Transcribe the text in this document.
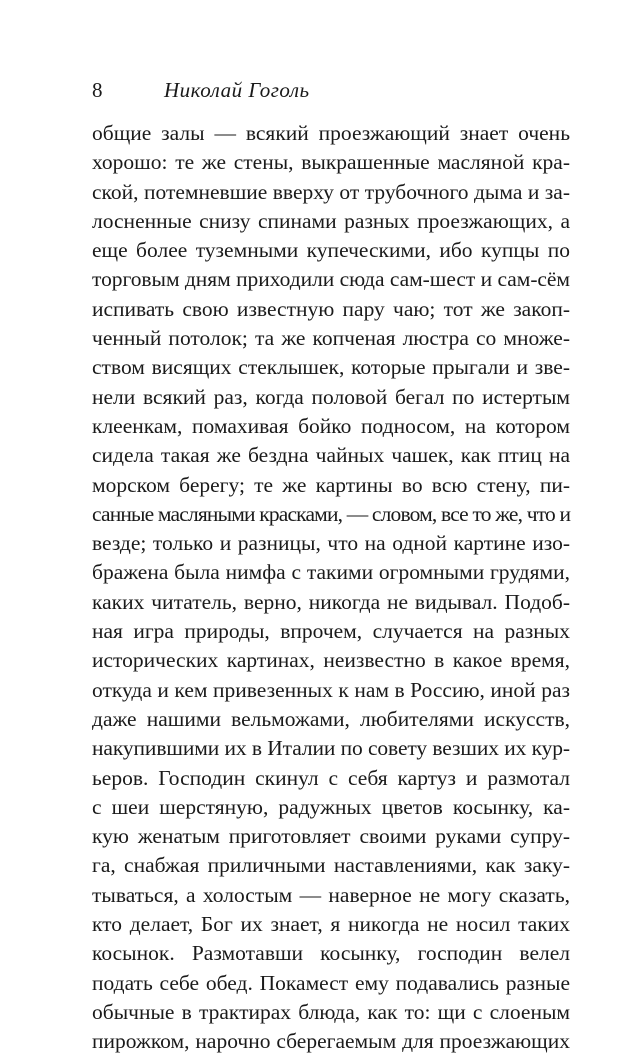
8	Николай Гоголь
общие залы — всякий проезжающий знает очень
хорошо: те же стены, выкрашенные масляной кра-
ской, потемневшие вверху от трубочного дыма и за-
лосненные снизу спинами разных проезжающих, а
еще более туземными купеческими, ибо купцы по
торговым дням приходили сюда сам-шест и сам-сём
испивать свою известную пару чаю; тот же закоп-
ченный потолок; та же копченая люстра со множе-
ством висящих стеклышек, которые прыгали и зве-
нели всякий раз, когда половой бегал по истертым
клеенкам, помахивая бойко подносом, на котором
сидела такая же бездна чайных чашек, как птиц на
морском берегу; те же картины во всю стену, пи-
санные масляными красками, — словом, все то же, что и
везде; только и разницы, что на одной картине изо-
бражена была нимфа с такими огромными грудями,
каких читатель, верно, никогда не видывал. Подоб-
ная игра природы, впрочем, случается на разных
исторических картинах, неизвестно в какое время,
откуда и кем привезенных к нам в Россию, иной раз
даже нашими вельможами, любителями искусств,
накупившими их в Италии по совету везших их кур-
ьеров. Господин скинул с себя картуз и размотал
с шеи шерстяную, радужных цветов косынку, ка-
кую женатым приготовляет своими руками супру-
га, снабжая приличными наставлениями, как заку-
тываться, а холостым — наверное не могу сказать,
кто делает, Бог их знает, я никогда не носил таких
косынок. Размотавши косынку, господин велел
подать себе обед. Покамест ему подавались разные
обычные в трактирах блюда, как то: щи с слоеным
пирожком, нарочно сберегаемым для проезжающих
